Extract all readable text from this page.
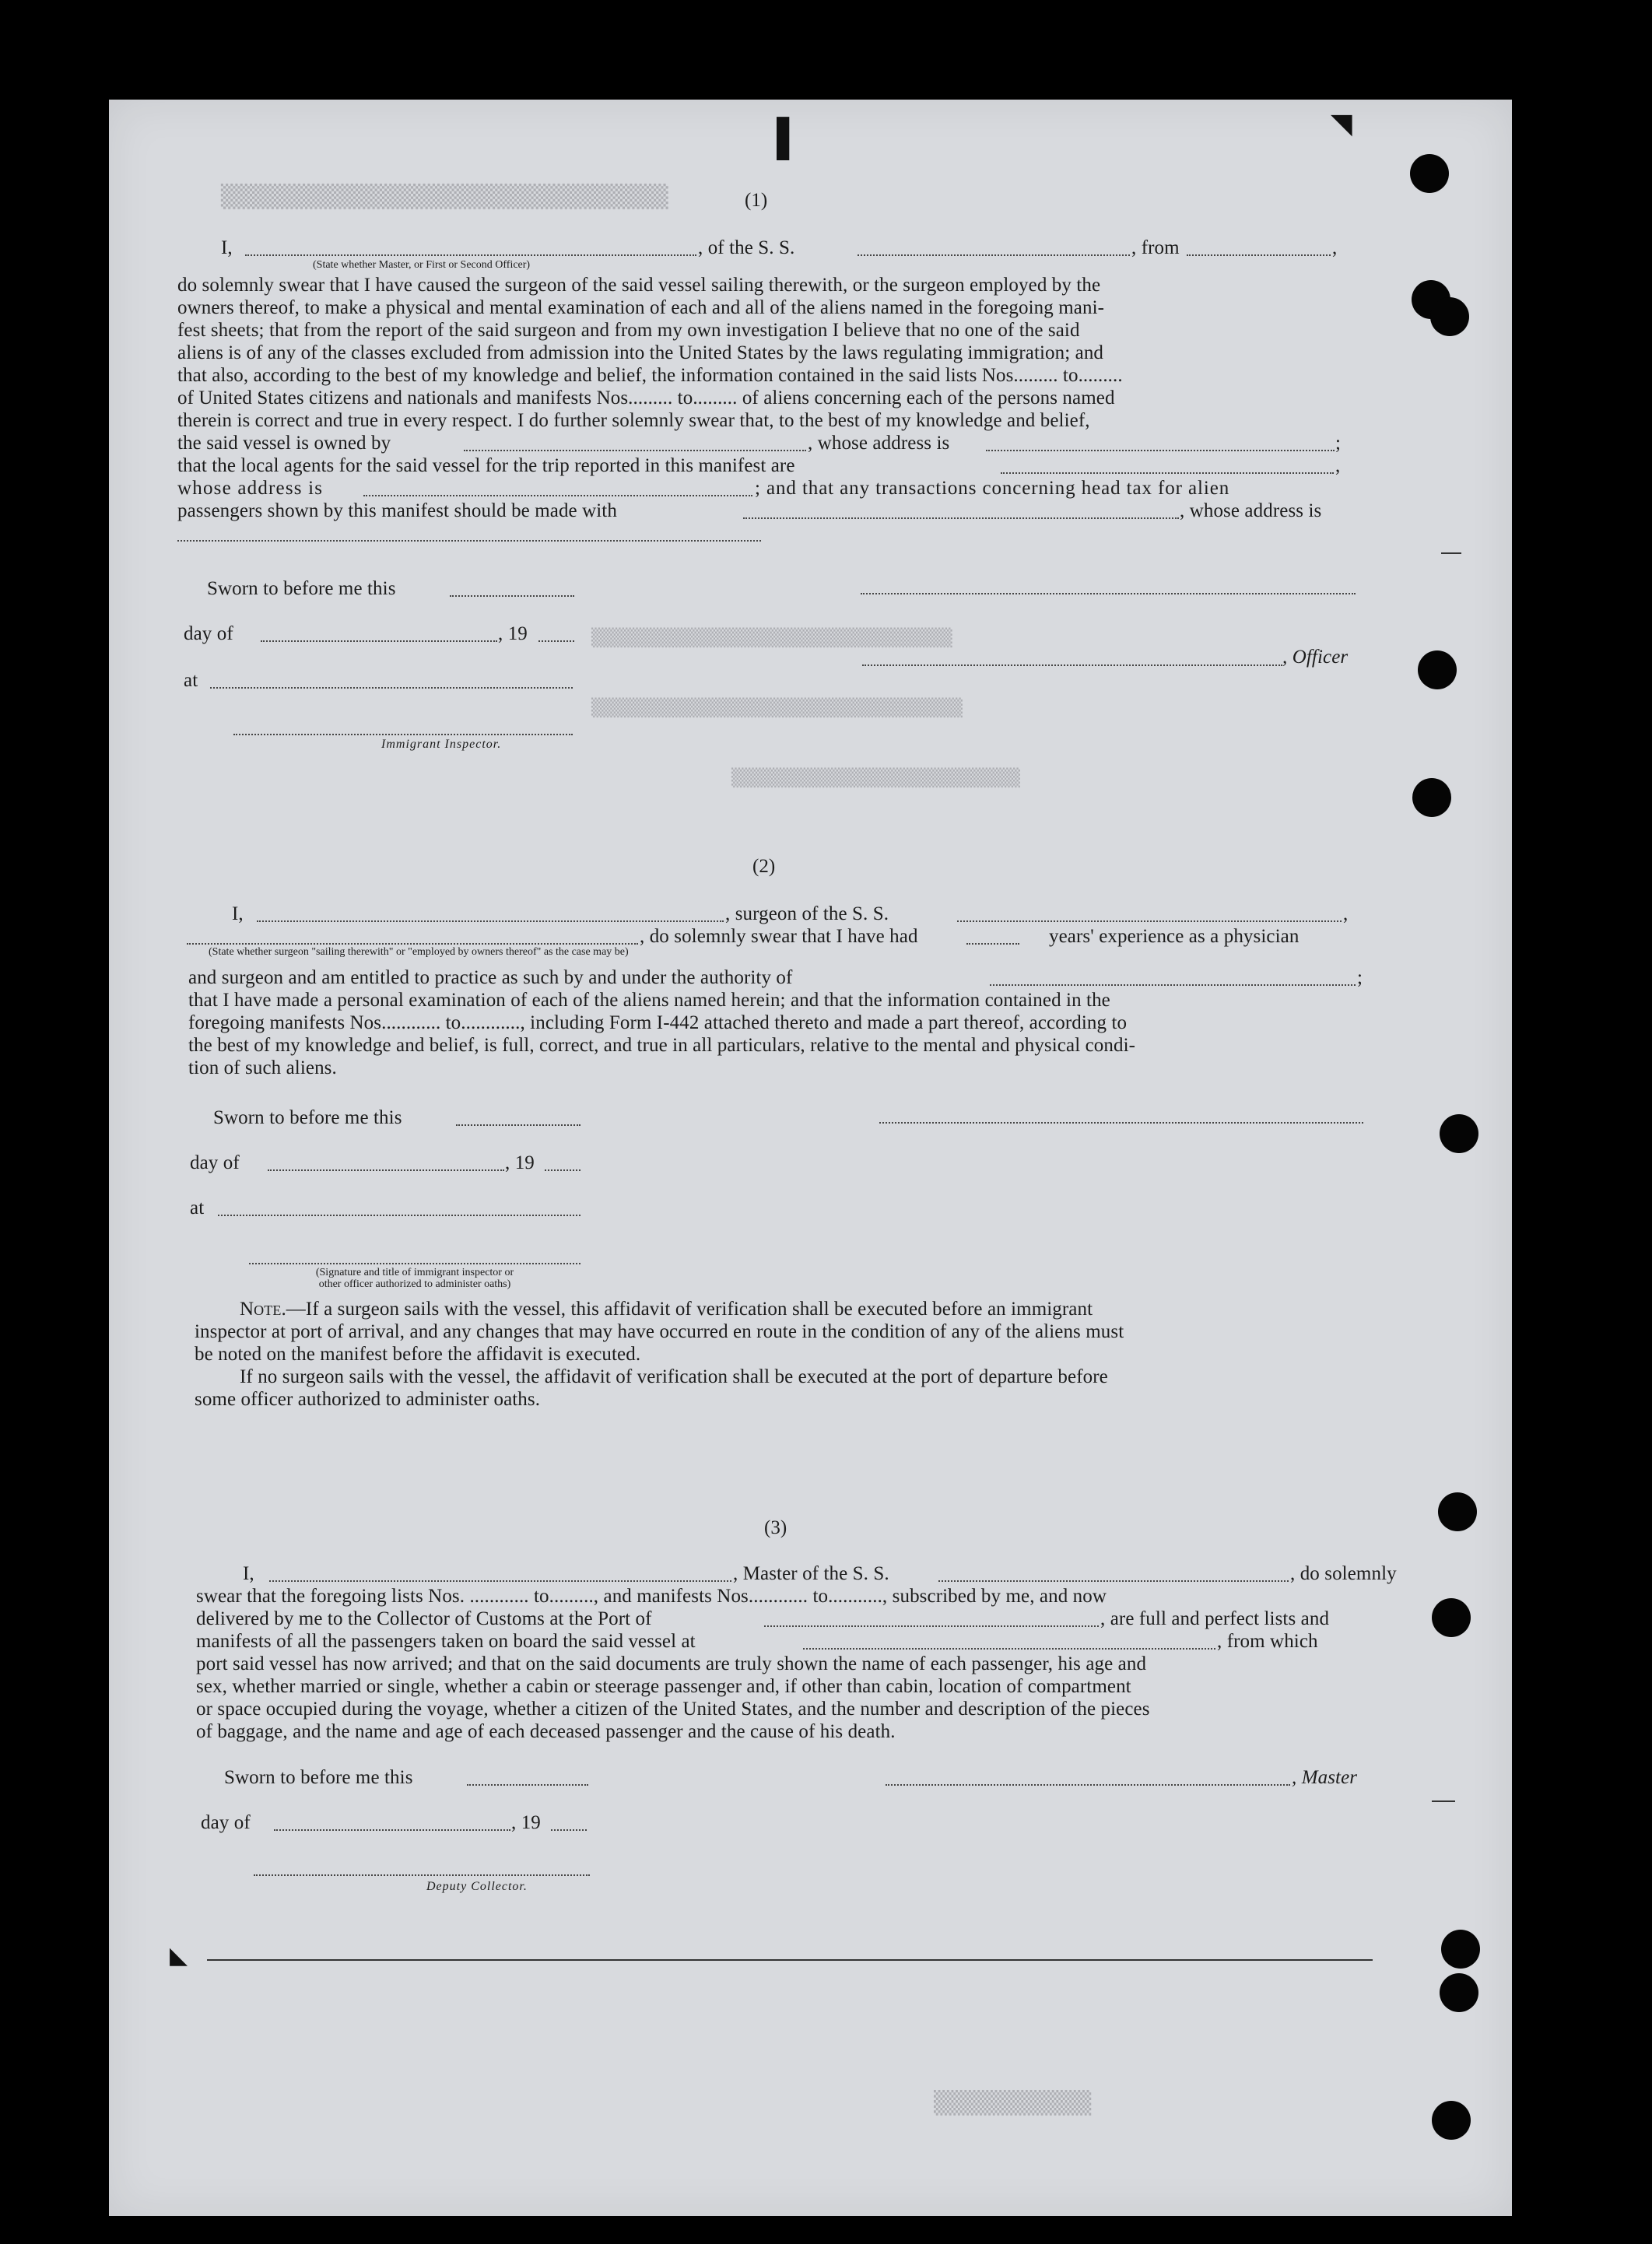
▌	◥
◣
▒▒▒▒▒▒▒▒▒▒▒▒▒▒▒▒▒▒▒▒▒▒▒▒▒▒▒▒▒▒▒
▒▒▒▒▒▒▒▒▒▒▒▒▒▒▒▒▒▒▒▒▒▒▒▒▒▒▒▒▒▒▒▒▒▒▒
▒▒▒▒▒▒▒▒▒▒▒▒▒▒▒▒▒▒▒▒▒▒▒▒▒▒▒▒▒▒▒▒▒▒▒▒
▒▒▒▒▒▒▒▒▒▒▒▒▒▒▒▒▒▒▒▒▒▒▒▒▒▒▒▒
▒▒▒▒▒▒▒▒▒▒▒▒
(1)
I,	, of the S. S.	, from	,
(State whether Master, or First or Second Officer)
do solemnly swear that I have caused the surgeon of the said vessel sailing therewith, or the surgeon employed by the
owners thereof, to make a physical and mental examination of each and all of the aliens named in the foregoing mani-
fest sheets; that from the report of the said surgeon and from my own investigation I believe that no one of the said
aliens is of any of the classes excluded from admission into the United States by the laws regulating immigration; and
that also, according to the best of my knowledge and belief, the information contained in the said lists Nos......... to.........
of United States citizens and nationals and manifests Nos......... to......... of aliens concerning each of the persons named
therein is correct and true in every respect. I do further solemnly swear that, to the best of my knowledge and belief,
the said vessel is owned by	, whose address is	;
that the local agents for the said vessel for the trip reported in this manifest are	,
whose address is	; and that any transactions concerning head tax for alien
passengers shown by this manifest should be made with	, whose address is
Sworn to before me this
day of	, 19
, Officer
at
Immigrant Inspector.
(2)
I,	, surgeon of the S. S.	,
, do solemnly swear that I have had	years' experience as a physician
(State whether surgeon "sailing therewith" or "employed by owners thereof" as the case may be)
and surgeon and am entitled to practice as such by and under the authority of	;
that I have made a personal examination of each of the aliens named herein; and that the information contained in the
foregoing manifests Nos............ to............, including Form I-442 attached thereto and made a part thereof, according to
the best of my knowledge and belief, is full, correct, and true in all particulars, relative to the mental and physical condi-
tion of such aliens.
Sworn to before me this
day of	, 19
at
(Signature and title of immigrant inspector or
other officer authorized to administer oaths)
Note.—If a surgeon sails with the vessel, this affidavit of verification shall be executed before an immigrant
inspector at port of arrival, and any changes that may have occurred en route in the condition of any of the aliens must
be noted on the manifest before the affidavit is executed.
If no surgeon sails with the vessel, the affidavit of verification shall be executed at the port of departure before
some officer authorized to administer oaths.
(3)
I,	, Master of the S. S.	, do solemnly
swear that the foregoing lists Nos. ............ to........., and manifests Nos............ to..........., subscribed by me, and now
delivered by me to the Collector of Customs at the Port of	, are full and perfect lists and
manifests of all the passengers taken on board the said vessel at	, from which
port said vessel has now arrived; and that on the said documents are truly shown the name of each passenger, his age and
sex, whether married or single, whether a cabin or steerage passenger and, if other than cabin, location of compartment
or space occupied during the voyage, whether a citizen of the United States, and the number and description of the pieces
of baggage, and the name and age of each deceased passenger and the cause of his death.
Sworn to before me this	, Master
day of	, 19
Deputy Collector.
